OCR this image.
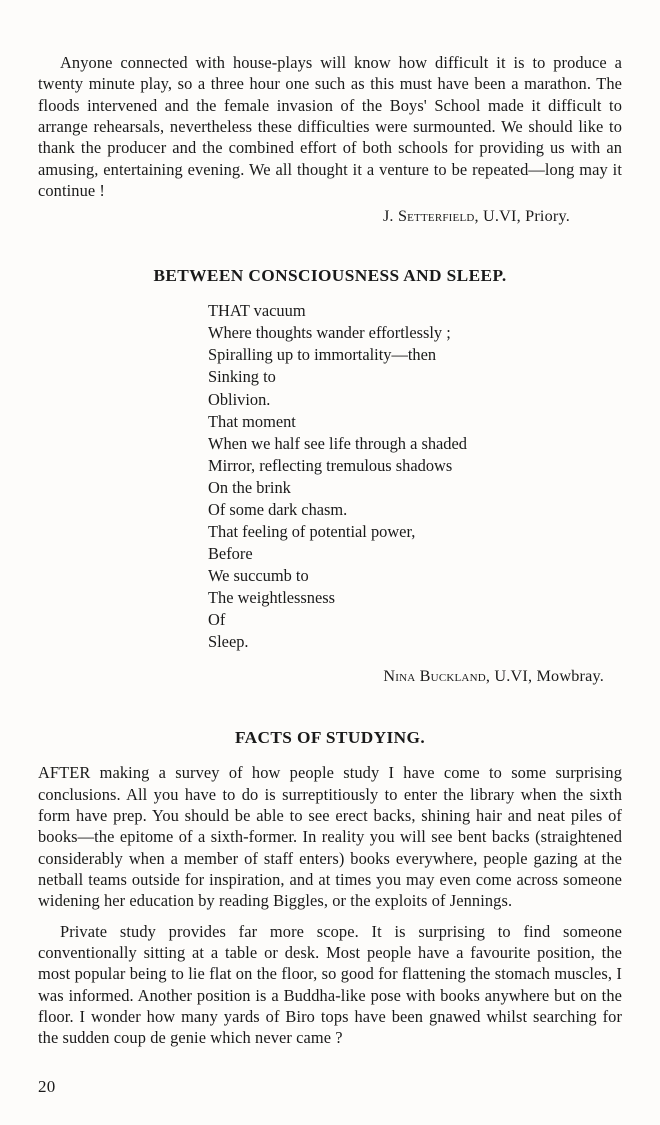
Anyone connected with house-plays will know how difficult it is to produce a twenty minute play, so a three hour one such as this must have been a marathon. The floods intervened and the female invasion of the Boys' School made it difficult to arrange rehearsals, nevertheless these difficulties were surmounted. We should like to thank the producer and the combined effort of both schools for providing us with an amusing, entertaining evening. We all thought it a venture to be repeated—long may it continue !

J. Setterfield, U.VI, Priory.

BETWEEN CONSCIOUSNESS AND SLEEP.
THAT vacuum
Where thoughts wander effortlessly ;
Spiralling up to immortality—then
Sinking to
Oblivion.
That moment
When we half see life through a shaded
Mirror, reflecting tremulous shadows
On the brink
Of some dark chasm.
That feeling of potential power,
Before
We succumb to
The weightlessness
Of
Sleep.

Nina Buckland, U.VI, Mowbray.

FACTS OF STUDYING.

AFTER making a survey of how people study I have come to some surprising conclusions. All you have to do is surreptitiously to enter the library when the sixth form have prep. You should be able to see erect backs, shining hair and neat piles of books—the epitome of a sixth-former. In reality you will see bent backs (straightened considerably when a member of staff enters) books everywhere, people gazing at the netball teams outside for inspiration, and at times you may even come across someone widening her education by reading Biggles, or the exploits of Jennings.

Private study provides far more scope. It is surprising to find someone conventionally sitting at a table or desk. Most people have a favourite position, the most popular being to lie flat on the floor, so good for flattening the stomach muscles, I was informed. Another position is a Buddha-like pose with books anywhere but on the floor. I wonder how many yards of Biro tops have been gnawed whilst searching for the sudden coup de genie which never came ?

20
